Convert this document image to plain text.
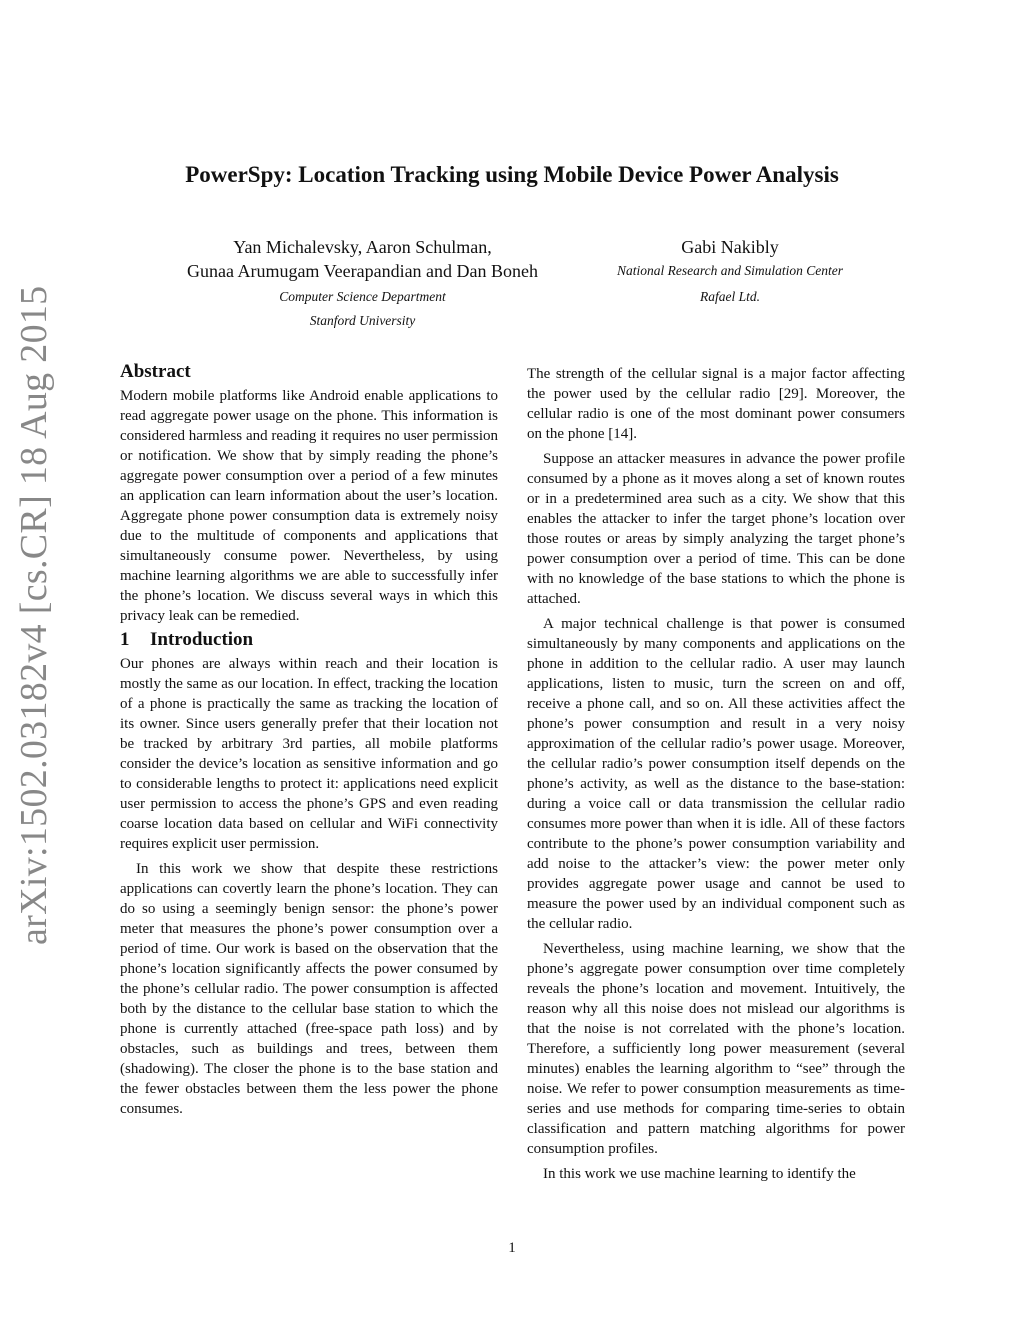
arXiv:1502.03182v4 [cs.CR] 18 Aug 2015
PowerSpy: Location Tracking using Mobile Device Power Analysis
Yan Michalevsky, Aaron Schulman,
Gunaa Arumugam Veerapandian and Dan Boneh
Computer Science Department
Stanford University
Gabi Nakibly
National Research and Simulation Center
Rafael Ltd.
Abstract

Modern mobile platforms like Android enable applications to read aggregate power usage on the phone. This information is considered harmless and reading it requires no user permission or notification. We show that by simply reading the phone’s aggregate power consumption over a period of a few minutes an application can learn information about the user’s location. Aggregate phone power consumption data is extremely noisy due to the multitude of components and applications that simultaneously consume power. Nevertheless, by using machine learning algorithms we are able to successfully infer the phone’s location. We discuss several ways in which this privacy leak can be remedied.

1 Introduction

Our phones are always within reach and their location is mostly the same as our location. In effect, tracking the location of a phone is practically the same as tracking the location of its owner. Since users generally prefer that their location not be tracked by arbitrary 3rd parties, all mobile platforms consider the device’s location as sensitive information and go to considerable lengths to protect it: applications need explicit user permission to access the phone’s GPS and even reading coarse location data based on cellular and WiFi connectivity requires explicit user permission.

In this work we show that despite these restrictions applications can covertly learn the phone’s location. They can do so using a seemingly benign sensor: the phone’s power meter that measures the phone’s power consumption over a period of time. Our work is based on the observation that the phone’s location significantly affects the power consumed by the phone’s cellular radio. The power consumption is affected both by the distance to the cellular base station to which the phone is currently attached (free-space path loss) and by obstacles, such as buildings and trees, between them (shadowing). The closer the phone is to the base station and the fewer obstacles between them the less power the phone consumes.

The strength of the cellular signal is a major factor affecting the power used by the cellular radio [29]. Moreover, the cellular radio is one of the most dominant power consumers on the phone [14].

Suppose an attacker measures in advance the power profile consumed by a phone as it moves along a set of known routes or in a predetermined area such as a city. We show that this enables the attacker to infer the target phone’s location over those routes or areas by simply analyzing the target phone’s power consumption over a period of time. This can be done with no knowledge of the base stations to which the phone is attached.

A major technical challenge is that power is consumed simultaneously by many components and applications on the phone in addition to the cellular radio. A user may launch applications, listen to music, turn the screen on and off, receive a phone call, and so on. All these activities affect the phone’s power consumption and result in a very noisy approximation of the cellular radio’s power usage. Moreover, the cellular radio’s power consumption itself depends on the phone’s activity, as well as the distance to the base-station: during a voice call or data transmission the cellular radio consumes more power than when it is idle. All of these factors contribute to the phone’s power consumption variability and add noise to the attacker’s view: the power meter only provides aggregate power usage and cannot be used to measure the power used by an individual component such as the cellular radio.

Nevertheless, using machine learning, we show that the phone’s aggregate power consumption over time completely reveals the phone’s location and movement. Intuitively, the reason why all this noise does not mislead our algorithms is that the noise is not correlated with the phone’s location. Therefore, a sufficiently long power measurement (several minutes) enables the learning algorithm to “see” through the noise. We refer to power consumption measurements as time-series and use methods for comparing time-series to obtain classification and pattern matching algorithms for power consumption profiles.

In this work we use machine learning to identify the

1
